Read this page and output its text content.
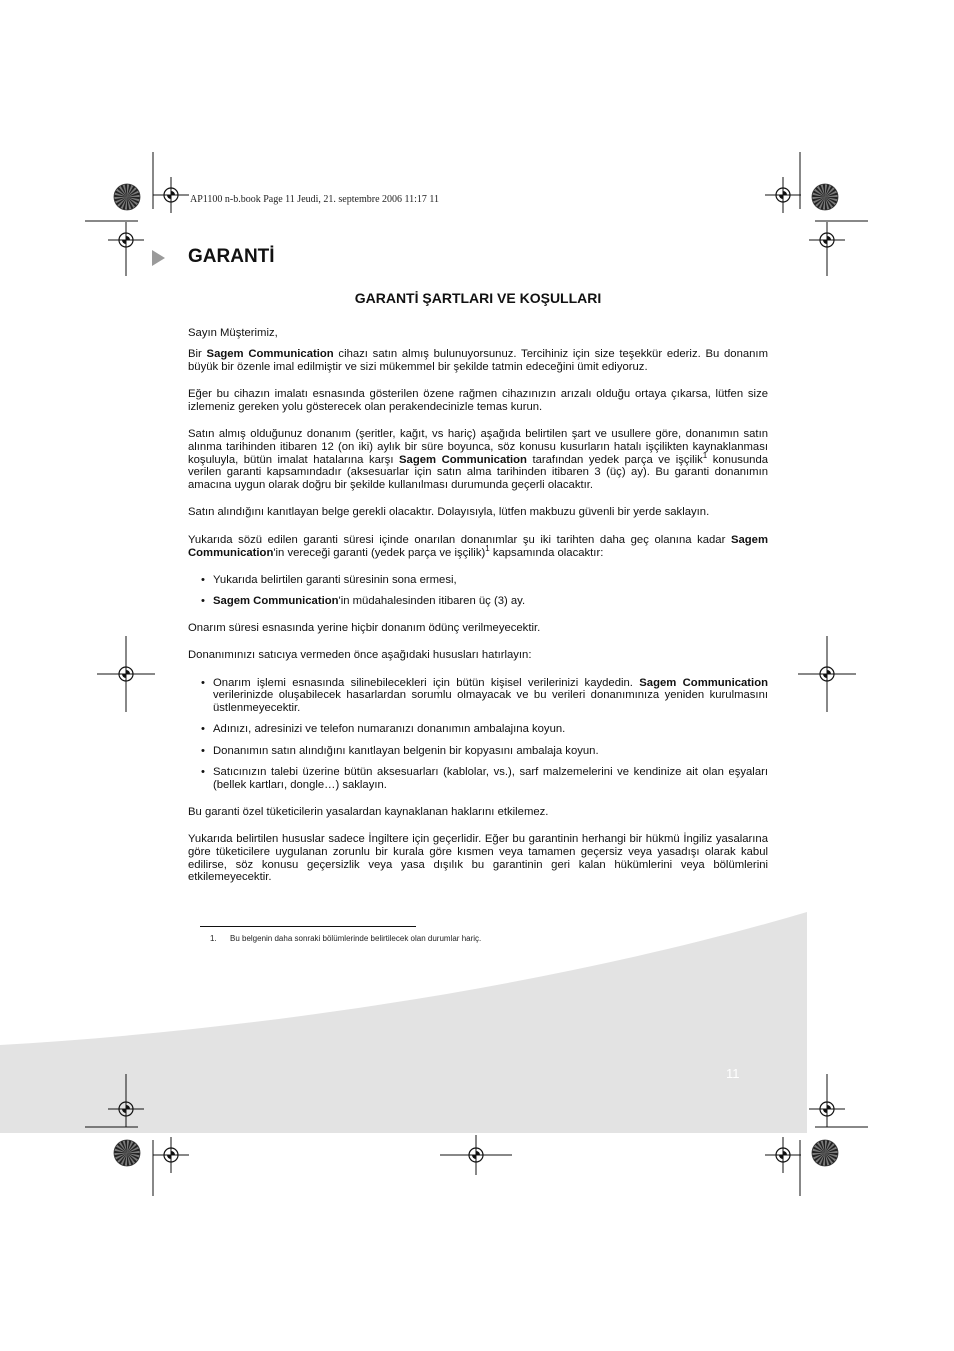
AP1100 n-b.book Page 11 Jeudi, 21. septembre 2006 11:17 11
GARANTİ
GARANTİ ŞARTLARI VE KOŞULLARI

Sayın Müşterimiz,

Bir Sagem Communication cihazı satın almış bulunuyorsunuz. Tercihiniz için size teşekkür ederiz. Bu donanım büyük bir özenle imal edilmiştir ve sizi mükemmel bir şekilde tatmin edeceğini ümit ediyoruz.

Eğer bu cihazın imalatı esnasında gösterilen özene rağmen cihazınızın arızalı olduğu ortaya çıkarsa, lütfen size izlemeniz gereken yolu gösterecek olan perakendecinizle temas kurun.

Satın almış olduğunuz donanım (şeritler, kağıt, vs hariç) aşağıda belirtilen şart ve usullere göre, donanımın satın alınma tarihinden itibaren 12 (on iki) aylık bir süre boyunca, söz konusu kusurların hatalı işçilikten kaynaklanması koşuluyla, bütün imalat hatalarına karşı Sagem Communication tarafından yedek parça ve işçilik$^1$ konusunda verilen garanti kapsamındadır (aksesuarlar için satın alma tarihinden itibaren 3 (üç) ay). Bu garanti donanımın amacına uygun olarak doğru bir şekilde kullanılması durumunda geçerli olacaktır.

Satın alındığını kanıtlayan belge gerekli olacaktır. Dolayısıyla, lütfen makbuzu güvenli bir yerde saklayın.

Yukarıda sözü edilen garanti süresi içinde onarılan donanımlar şu iki tarihten daha geç olanına kadar Sagem Communication'in vereceği garanti (yedek parça ve işçilik)$^1$ kapsamında olacaktır:

• Yukarıda belirtilen garanti süresinin sona ermesi,
• Sagem Communication'in müdahalesinden itibaren üç (3) ay.

Onarım süresi esnasında yerine hiçbir donanım ödünç verilmeyecektir.

Donanımınızı satıcıya vermeden önce aşağıdaki hususları hatırlayın:

• Onarım işlemi esnasında silinebilecekleri için bütün kişisel verilerinizi kaydedin. Sagem Communication verilerinizde oluşabilecek hasarlardan sorumlu olmayacak ve bu verileri donanımınıza yeniden kurulmasını üstlenmeyecektir.
• Adınızı, adresinizi ve telefon numaranızı donanımın ambalajına koyun.
• Donanımın satın alındığını kanıtlayan belgenin bir kopyasını ambalaja koyun.
• Satıcınızın talebi üzerine bütün aksesuarları (kablolar, vs.), sarf malzemelerini ve kendinize ait olan eşyaları (bellek kartları, dongle…) saklayın.

Bu garanti özel tüketicilerin yasalardan kaynaklanan haklarını etkilemez.

Yukarıda belirtilen hususlar sadece İngiltere için geçerlidir. Eğer bu garantinin herhangi bir hükmü İngiliz yasalarına göre tüketicilere uygulanan zorunlu bir kurala göre kısmen veya tamamen geçersiz veya yasadışı olarak kabul edilirse, söz konusu geçersizlik veya yasa dışılık bu garantinin geri kalan hükümlerini veya bölümlerini etkilemeyecektir.

1. Bu belgenin daha sonraki bölümlerinde belirtilecek olan durumlar hariç.
11
